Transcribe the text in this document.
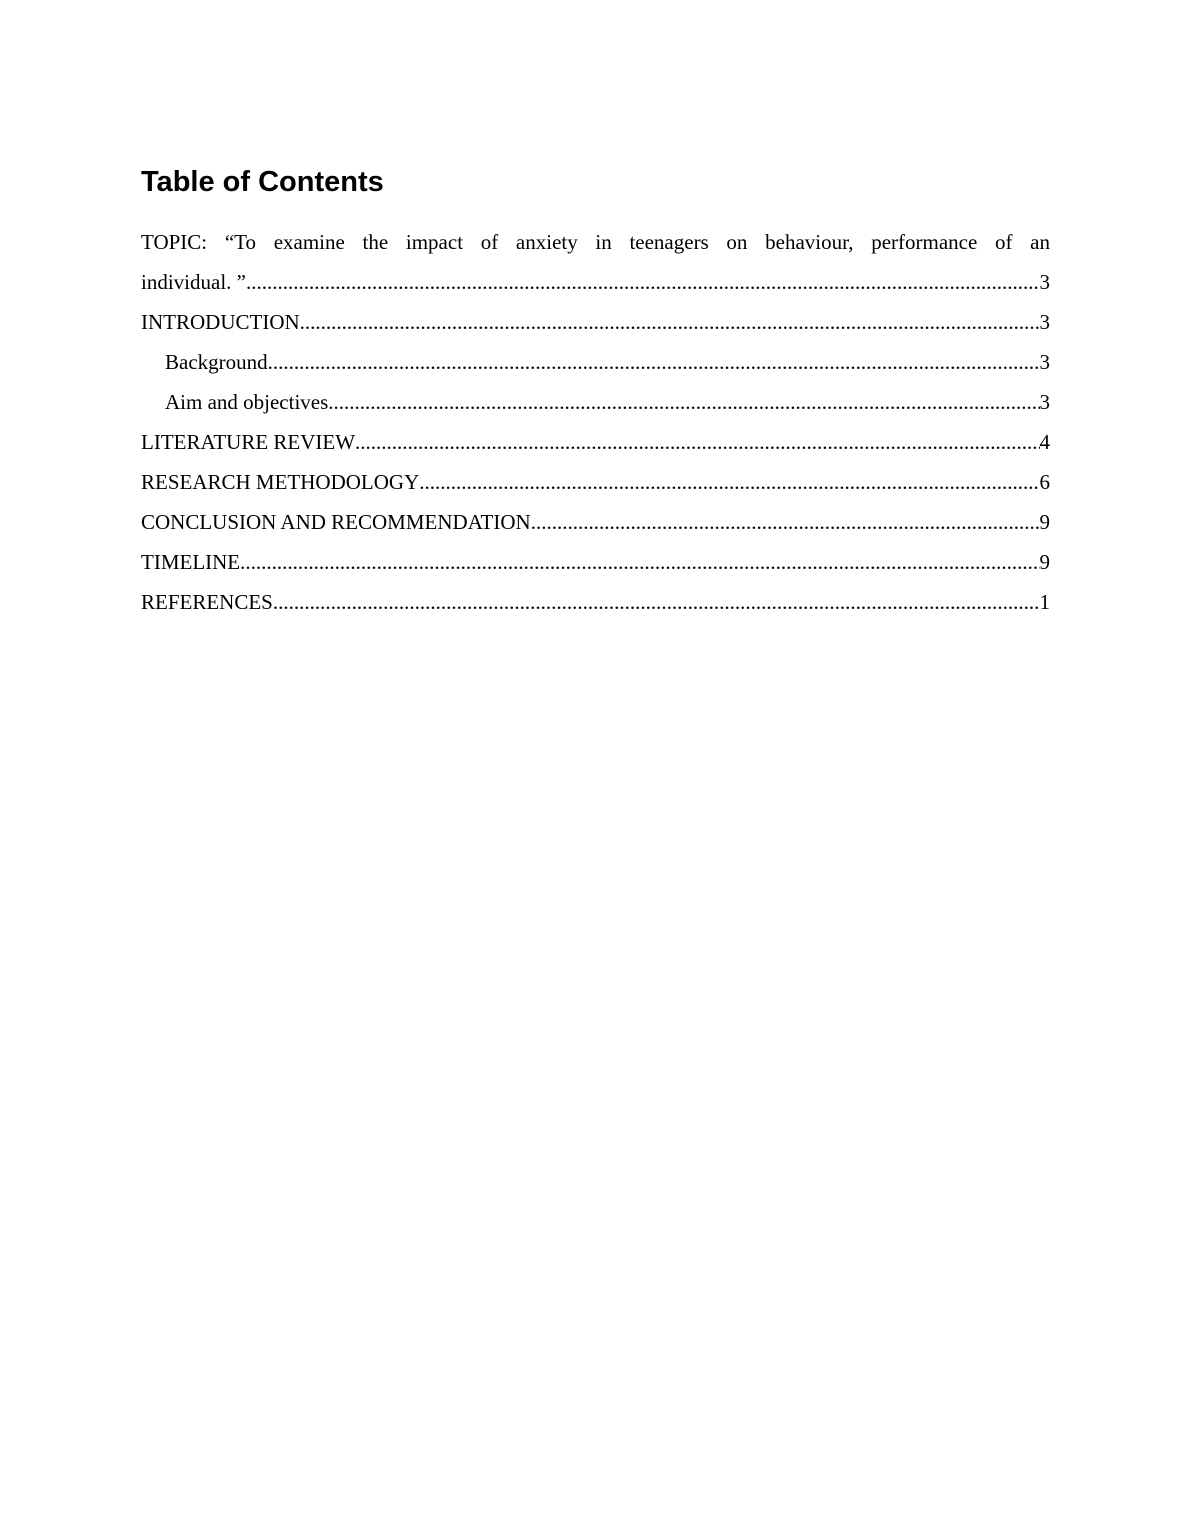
Table of Contents
TOPIC: “To examine the impact of anxiety in teenagers on behaviour, performance of an
individual. ” .....	3
INTRODUCTION .....	3
Background .....	3
Aim and objectives .....	3
LITERATURE REVIEW .....	4
RESEARCH METHODOLOGY .....	6
CONCLUSION AND RECOMMENDATION .....	9
TIMELINE .....	9
REFERENCES .....	1
